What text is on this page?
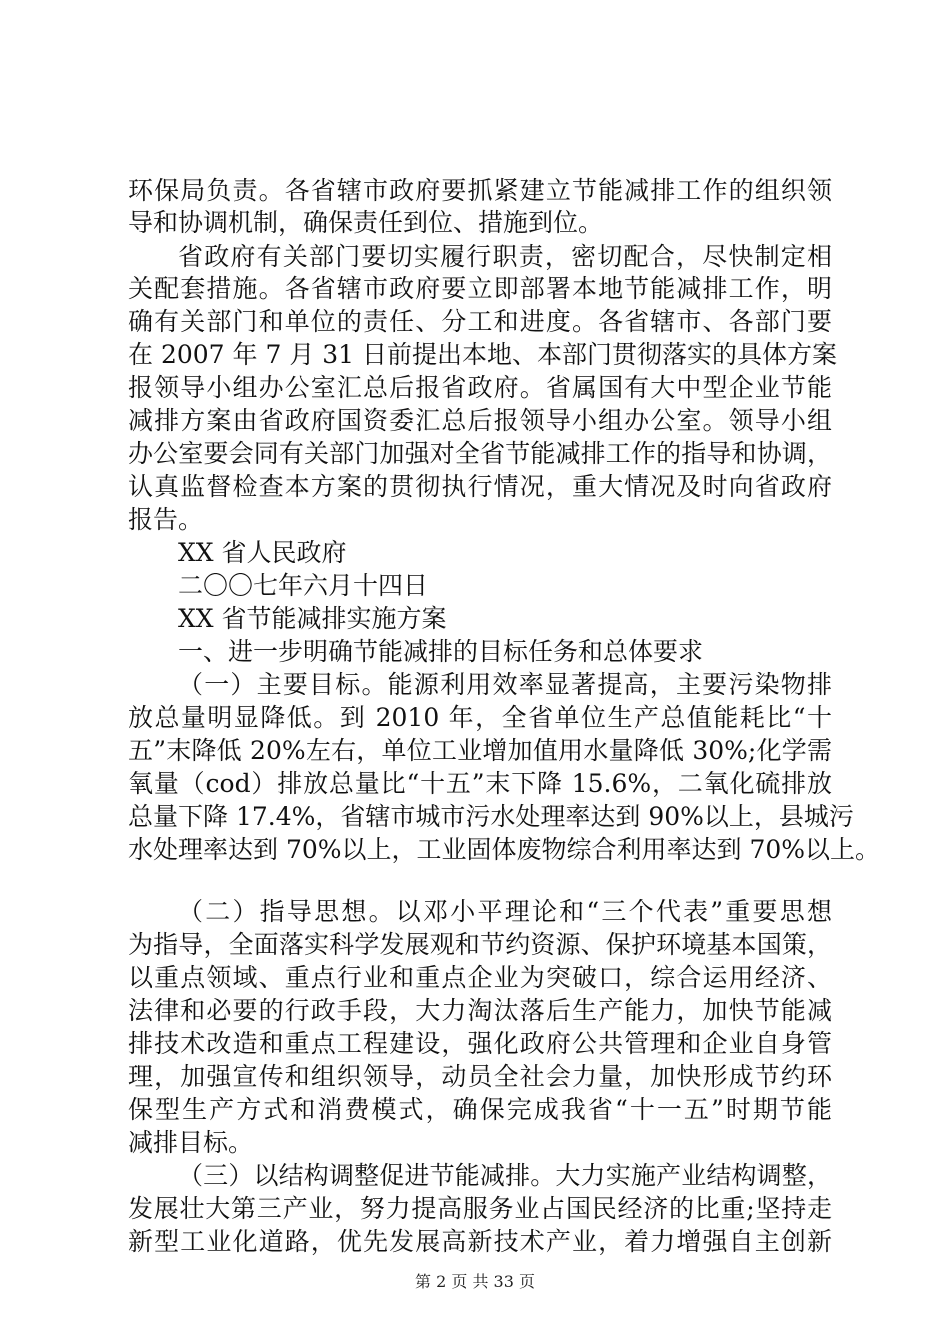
环保局负责。各省辖市政府要抓紧建立节能减排工作的组织领
导和协调机制，确保责任到位、措施到位。
省政府有关部门要切实履行职责，密切配合，尽快制定相
关配套措施。各省辖市政府要立即部署本地节能减排工作，明
确有关部门和单位的责任、分工和进度。各省辖市、各部门要
在 2007 年 7 月 31 日前提出本地、本部门贯彻落实的具体方案
报领导小组办公室汇总后报省政府。省属国有大中型企业节能
减排方案由省政府国资委汇总后报领导小组办公室。领导小组
办公室要会同有关部门加强对全省节能减排工作的指导和协调，
认真监督检查本方案的贯彻执行情况，重大情况及时向省政府
报告。
XX 省人民政府
二〇〇七年六月十四日
XX 省节能减排实施方案
一、进一步明确节能减排的目标任务和总体要求
（一）主要目标。能源利用效率显著提高，主要污染物排
放总量明显降低。到 2010 年，全省单位生产总值能耗比“十
五”末降低 20%左右，单位工业增加值用水量降低 30%;化学需
氧量（cod）排放总量比“十五”末下降 15.6%，二氧化硫排放
总量下降 17.4%，省辖市城市污水处理率达到 90%以上，县城污
水处理率达到 70%以上，工业固体废物综合利用率达到 70%以上。
（二）指导思想。以邓小平理论和“三个代表”重要思想
为指导，全面落实科学发展观和节约资源、保护环境基本国策，
以重点领域、重点行业和重点企业为突破口，综合运用经济、
法律和必要的行政手段，大力淘汰落后生产能力，加快节能减
排技术改造和重点工程建设，强化政府公共管理和企业自身管
理，加强宣传和组织领导，动员全社会力量，加快形成节约环
保型生产方式和消费模式，确保完成我省“十一五”时期节能
减排目标。
（三）以结构调整促进节能减排。大力实施产业结构调整，
发展壮大第三产业，努力提高服务业占国民经济的比重;坚持走
新型工业化道路，优先发展高新技术产业，着力增强自主创新
第 2 页 共 33 页
